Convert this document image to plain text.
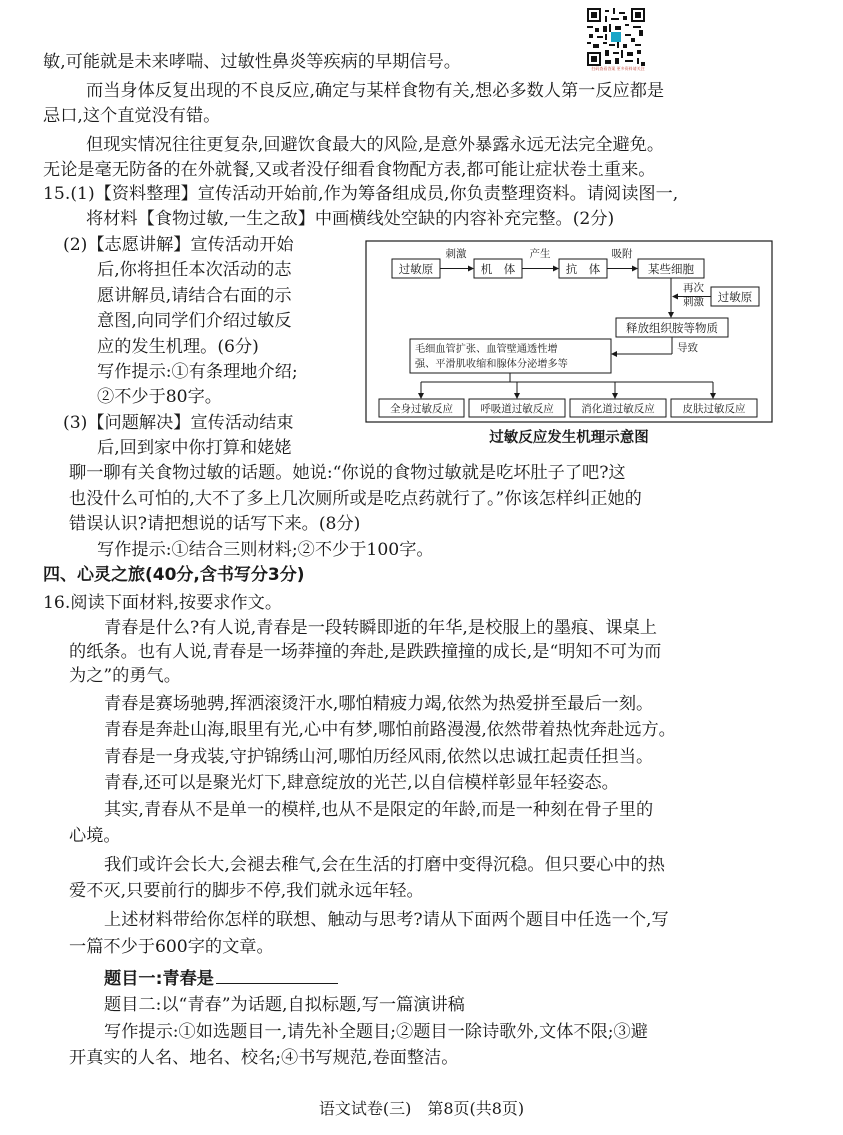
扫码查看答案 更多资料请关注
敏,可能就是未来哮喘、过敏性鼻炎等疾病的早期信号。
而当身体反复出现的不良反应,确定与某样食物有关,想必多数人第一反应都是
忌口,这个直觉没有错。
但现实情况往往更复杂,回避饮食最大的风险,是意外暴露永远无法完全避免。
无论是毫无防备的在外就餐,又或者没仔细看食物配方表,都可能让症状卷土重来。
15.(1)【资料整理】宣传活动开始前,作为筹备组成员,你负责整理资料。请阅读图一,
将材料【食物过敏,一生之敌】中画横线处空缺的内容补充完整。(2分)
(2)【志愿讲解】宣传活动开始
后,你将担任本次活动的志
愿讲解员,请结合右面的示
意图,向同学们介绍过敏反
应的发生机理。(6分)
写作提示:①有条理地介绍;
②不少于80字。
(3)【问题解决】宣传活动结束
后,回到家中你打算和姥姥
聊一聊有关食物过敏的话题。她说:“你说的食物过敏就是吃坏肚子了吧?这
也没什么可怕的,大不了多上几次厕所或是吃点药就行了。”你该怎样纠正她的
错误认识?请把想说的话写下来。(8分)
写作提示:①结合三则材料;②不少于100字。
四、心灵之旅(40分,含书写分3分)
16.阅读下面材料,按要求作文。
青春是什么?有人说,青春是一段转瞬即逝的年华,是校服上的墨痕、课桌上
的纸条。也有人说,青春是一场莽撞的奔赴,是跌跌撞撞的成长,是“明知不可为而
为之”的勇气。
青春是赛场驰骋,挥洒滚烫汗水,哪怕精疲力竭,依然为热爱拼至最后一刻。
青春是奔赴山海,眼里有光,心中有梦,哪怕前路漫漫,依然带着热忱奔赴远方。
青春是一身戎装,守护锦绣山河,哪怕历经风雨,依然以忠诚扛起责任担当。
青春,还可以是聚光灯下,肆意绽放的光芒,以自信模样彰显年轻姿态。
其实,青春从不是单一的模样,也从不是限定的年龄,而是一种刻在骨子里的
心境。
我们或许会长大,会褪去稚气,会在生活的打磨中变得沉稳。但只要心中的热
爱不灭,只要前行的脚步不停,我们就永远年轻。
上述材料带给你怎样的联想、触动与思考?请从下面两个题目中任选一个,写
一篇不少于600字的文章。
题目一:青春是
题目二:以“青春”为话题,自拟标题,写一篇演讲稿
写作提示:①如选题目一,请先补全题目;②题目一除诗歌外,文体不限;③避
开真实的人名、地名、校名;④书写规范,卷面整洁。
过敏原
刺激
机　体
产生
抗　体
吸附
某些细胞
再次
刺激 过敏原
释放组织胺等物质
导致
毛细血管扩张、血管壁通透性增
强、平滑肌收缩和腺体分泌增多等
全身过敏反应	呼吸道过敏反应	消化道过敏反应	皮肤过敏反应
过敏反应发生机理示意图
语文试卷(三)　第8页(共8页)
